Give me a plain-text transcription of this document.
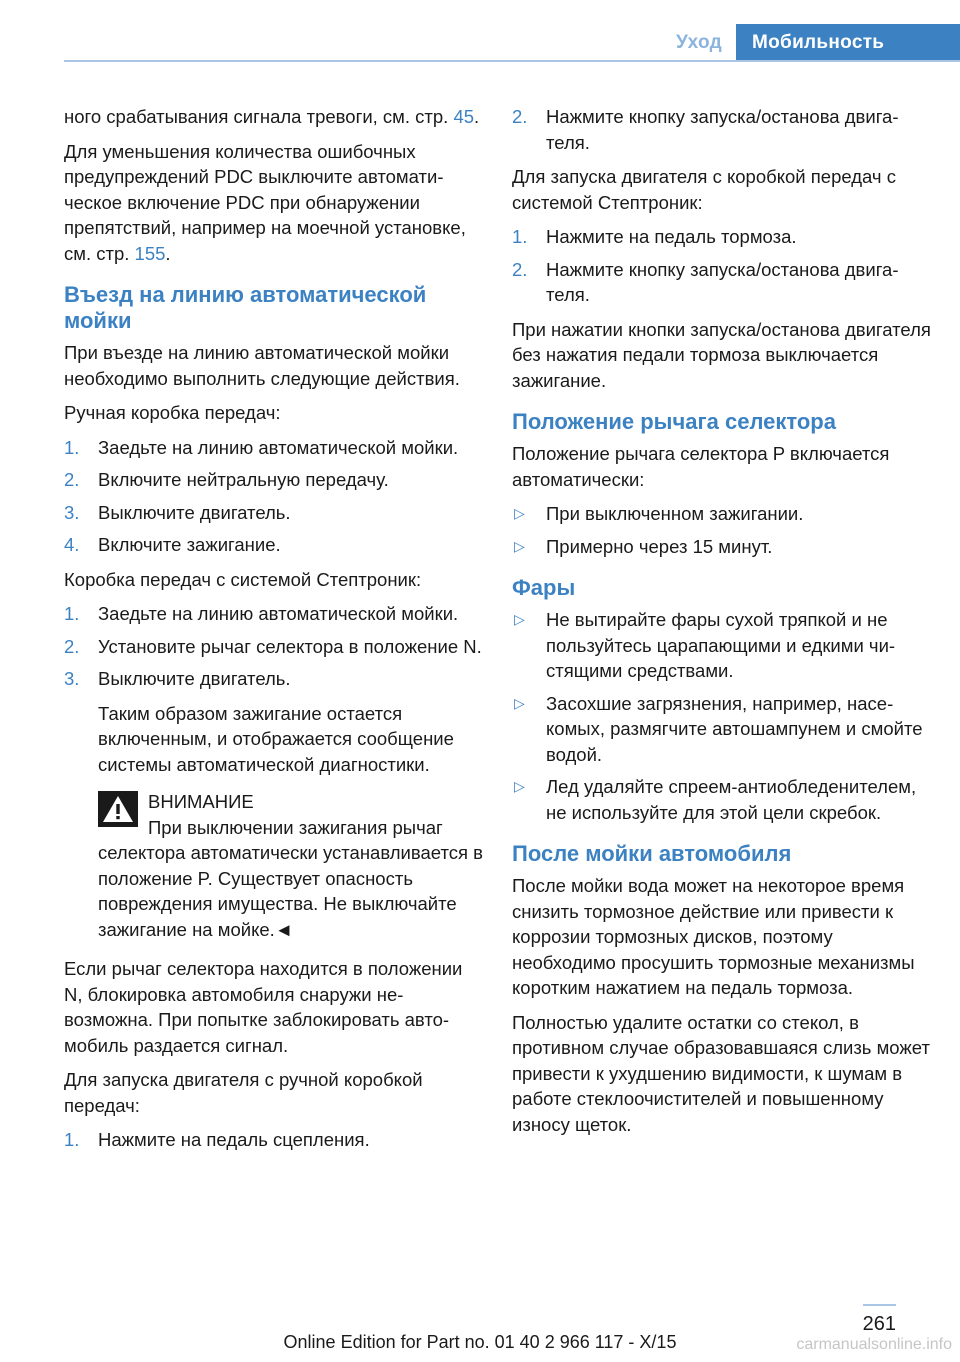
Уход	Мобильность

ного срабатывания сигнала тревоги, см. стр. 45.

Для уменьшения количества ошибочных предупреждений PDC выключите автоматическое включение PDC при обнаружении препятствий, например на моечной установке, см. стр. 155.

Въезд на линию автоматической мойки

При въезде на линию автоматической мойки необходимо выполнить следующие действия.

Ручная коробка передач:

1. Заедьте на линию автоматической мойки.
2. Включите нейтральную передачу.
3. Выключите двигатель.
4. Включите зажигание.

Коробка передач с системой Стептроник:

1. Заедьте на линию автоматической мойки.
2. Установите рычаг селектора в положение N.
3. Выключите двигатель.

Таким образом зажигание остается включенным, и отображается сообщение системы автоматической диагностики.

ВНИМАНИЕ
При выключении зажигания рычаг
селектора автоматически устанавливается в положение P. Существует опасность повреждения имущества. Не выключайте зажигание на мойке.◄

Если рычаг селектора находится в положении N, блокировка автомобиля снаружи невозможна. При попытке заблокировать автомобиль раздается сигнал.

Для запуска двигателя с ручной коробкой передач:

1. Нажмите на педаль сцепления.
2. Нажмите кнопку запуска/останова двигателя.

Для запуска двигателя с коробкой передач с системой Стептроник:

1. Нажмите на педаль тормоза.
2. Нажмите кнопку запуска/останова двигателя.

При нажатии кнопки запуска/останова двигателя без нажатия педали тормоза выключается зажигание.

Положение рычага селектора

Положение рычага селектора P включается автоматически:

▷ При выключенном зажигании.
▷ Примерно через 15 минут.
Фары
▷ Не вытирайте фары сухой тряпкой и не пользуйтесь царапающими и едкими чистящими средствами.
▷ Засохшие загрязнения, например, насекомых, размягчите автошампунем и смойте водой.
▷ Лед удаляйте спреем-антиобледенителем, не используйте для этой цели скребок.
После мойки автомобиля

После мойки вода может на некоторое время снизить тормозное действие или привести к коррозии тормозных дисков, поэтому необходимо просушить тормозные механизмы коротким нажатием на педаль тормоза.

Полностью удалите остатки со стекол, в противном случае образовавшаяся слизь может привести к ухудшению видимости, к шумам в работе стеклоочистителей и повышенному износу щеток.

261
Online Edition for Part no. 01 40 2 966 117 - X/15	carmanualsonline.info
